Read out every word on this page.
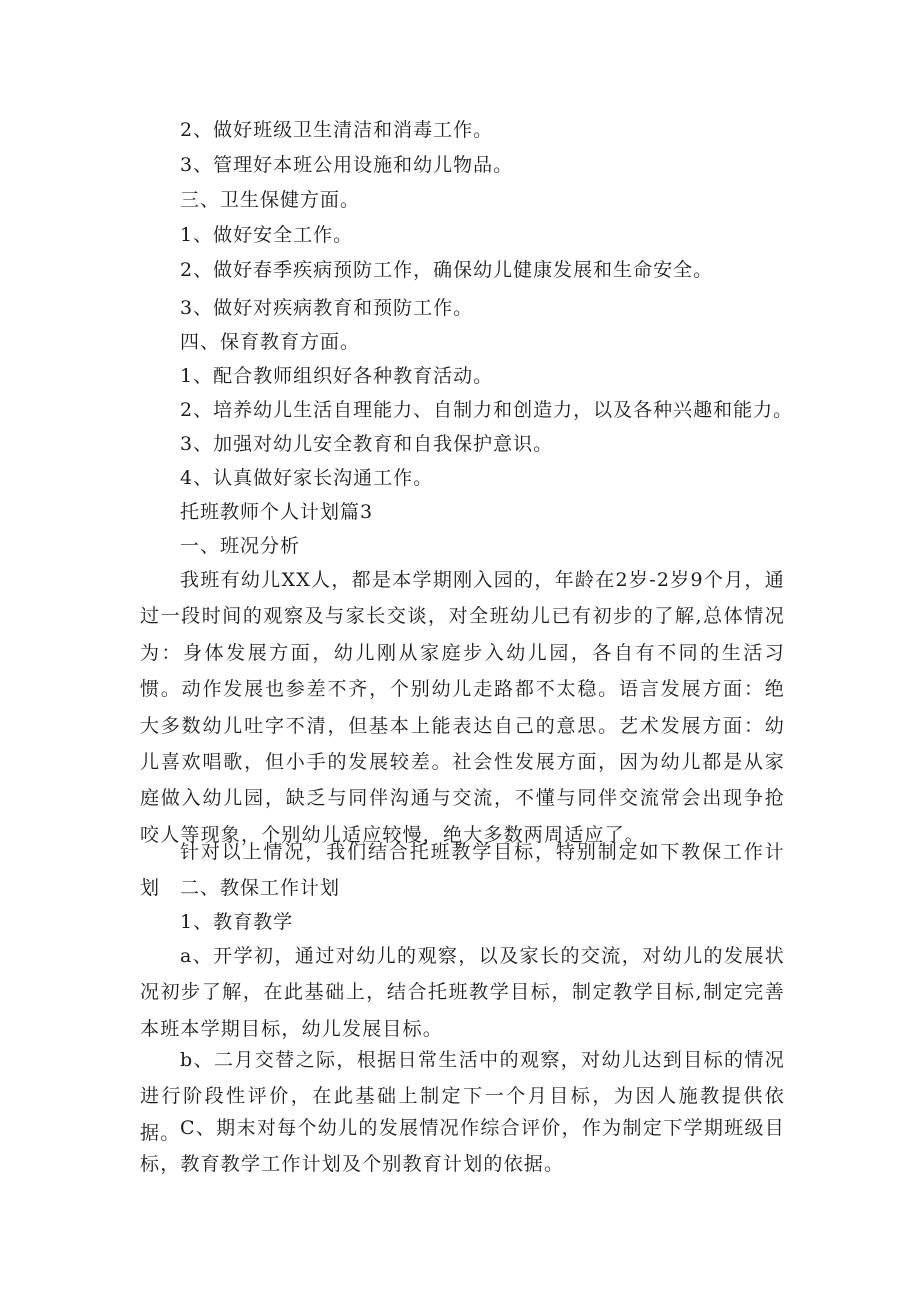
2、做好班级卫生清洁和消毒工作。
3、管理好本班公用设施和幼儿物品。
三、卫生保健方面。
1、做好安全工作。
2、做好春季疾病预防工作，确保幼儿健康发展和生命安全。
3、做好对疾病教育和预防工作。
四、保育教育方面。
1、配合教师组织好各种教育活动。
2、培养幼儿生活自理能力、自制力和创造力，以及各种兴趣和能力。
3、加强对幼儿安全教育和自我保护意识。
4、认真做好家长沟通工作。
托班教师个人计划篇3
一、班况分析
我班有幼儿XX人，都是本学期刚入园的，年龄在2岁-2岁9个月，通过一段时间的观察及与家长交谈，对全班幼儿已有初步的了解,总体情况为：身体发展方面，幼儿刚从家庭步入幼儿园，各自有不同的生活习惯。动作发展也参差不齐，个别幼儿走路都不太稳。语言发展方面：绝大多数幼儿吐字不清，但基本上能表达自己的意思。艺术发展方面：幼儿喜欢唱歌，但小手的发展较差。社会性发展方面，因为幼儿都是从家庭做入幼儿园，缺乏与同伴沟通与交流，不懂与同伴交流常会出现争抢咬人等现象，个别幼儿适应较慢，绝大多数两周适应了。
针对以上情况，我们结合托班教学目标，特别制定如下教保工作计划	二、教保工作计划
1、教育教学
a、开学初，通过对幼儿的观察，以及家长的交流，对幼儿的发展状况初步了解，在此基础上，结合托班教学目标，制定教学目标,制定完善本班本学期目标，幼儿发展目标。
b、二月交替之际，根据日常生活中的观察，对幼儿达到目标的情况进行阶段性评价，在此基础上制定下一个月目标，为因人施教提供依据。 C、期末对每个幼儿的发展情况作综合评价，作为制定下学期班级目标，教育教学工作计划及个别教育计划的依据。
